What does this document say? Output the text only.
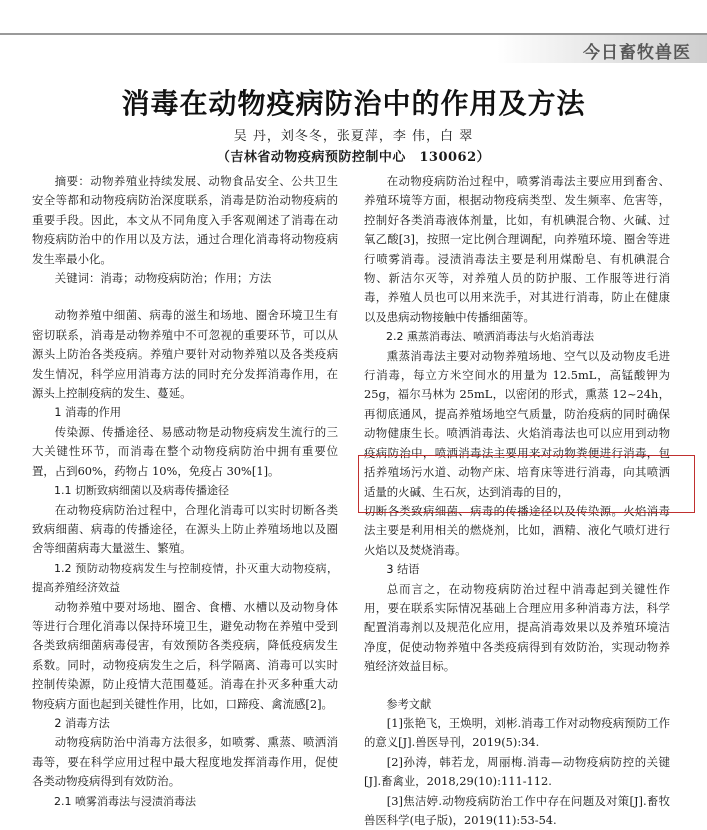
今日畜牧兽医
消毒在动物疫病防治中的作用及方法
吴 丹，刘冬冬，张夏萍，李 伟，白 翠
（吉林省动物疫病预防控制中心　130062）

摘要：动物养殖业持续发展、动物食品安全、公共卫生安全等都和动物疫病防治深度联系，消毒是防治动物疫病的重要手段。因此，本文从不同角度入手客观阐述了消毒在动物疫病防治中的作用以及方法，通过合理化消毒将动物疫病发生率最小化。

关键词：消毒；动物疫病防治；作用；方法

动物养殖中细菌、病毒的滋生和场地、圈舍环境卫生有密切联系，消毒是动物养殖中不可忽视的重要环节，可以从源头上防治各类疫病。养殖户要针对动物养殖以及各类疫病发生情况，科学应用消毒方法的同时充分发挥消毒作用，在源头上控制疫病的发生、蔓延。

1 消毒的作用

传染源、传播途径、易感动物是动物疫病发生流行的三大关键性环节，而消毒在整个动物疫病防治中拥有重要位置，占到60%，药物占 10%，免疫占 30%[1]。

1.1 切断致病细菌以及病毒传播途径

在动物疫病防治过程中，合理化消毒可以实时切断各类致病细菌、病毒的传播途径，在源头上防止养殖场地以及圈舍等细菌病毒大量滋生、繁殖。

1.2 预防动物疫病发生与控制疫情，扑灭重大动物疫病，提高养殖经济效益

动物养殖中要对场地、圈舍、食槽、水槽以及动物身体等进行合理化消毒以保持环境卫生，避免动物在养殖中受到各类致病细菌病毒侵害，有效预防各类疫病，降低疫病发生系数。同时，动物疫病发生之后，科学隔离、消毒可以实时控制传染源，防止疫情大范围蔓延。消毒在扑灭多种重大动物疫病方面也起到关键性作用，比如，口蹄疫、禽流感[2]。

2 消毒方法

动物疫病防治中消毒方法很多，如喷雾、熏蒸、喷洒消毒等，要在科学应用过程中最大程度地发挥消毒作用，促使各类动物疫病得到有效防治。

2.1 喷雾消毒法与浸渍消毒法

在动物疫病防治过程中，喷雾消毒法主要应用到畜舍、养殖环境等方面，根据动物疫病类型、发生频率、危害等，控制好各类消毒液体剂量，比如，有机碘混合物、火碱、过氧乙酸[3]，按照一定比例合理调配，向养殖环境、圈舍等进行喷雾消毒。浸渍消毒法主要是利用煤酚皂、有机碘混合物、新洁尔灭等，对养殖人员的防护服、工作服等进行消毒，养殖人员也可以用来洗手，对其进行消毒，防止在健康以及患病动物接触中传播细菌等。

2.2 熏蒸消毒法、喷洒消毒法与火焰消毒法

熏蒸消毒法主要对动物养殖场地、空气以及动物皮毛进行消毒，每立方米空间水的用量为 12.5mL，高锰酸钾为 25g，福尔马林为 25mL，以密闭的形式，熏蒸 12~24h，再彻底通风，提高养殖场地空气质量，防治疫病的同时确保动物健康生长。喷洒消毒法、火焰消毒法也可以应用到动物疫病防治中，喷洒消毒法主要用来对动物粪便进行消毒，包括养殖场污水道、动物产床、培育床等进行消毒，向其喷洒适量的火碱、生石灰，达到消毒的目的，

切断各类致病细菌、病毒的传播途径以及传染源。火焰消毒法主要是利用相关的燃烧剂，比如，酒精、液化气喷灯进行火焰以及焚烧消毒。

3 结语

总而言之，在动物疫病防治过程中消毒起到关键性作用，要在联系实际情况基础上合理应用多种消毒方法，科学配置消毒剂以及规范化应用，提高消毒效果以及养殖环境洁净度，促使动物养殖中各类疫病得到有效防治，实现动物养殖经济效益目标。

参考文献

[1]张艳飞，王焕明，刘彬.消毒工作对动物疫病预防工作的意义[J].兽医导刊，2019(5):34.

[2]孙涛，韩若龙，周丽梅.消毒—动物疫病防控的关键[J].畜禽业，2018,29(10):111-112.

[3]焦洁婷.动物疫病防治工作中存在问题及对策[J].畜牧兽医科学(电子版)，2019(11):53-54.
